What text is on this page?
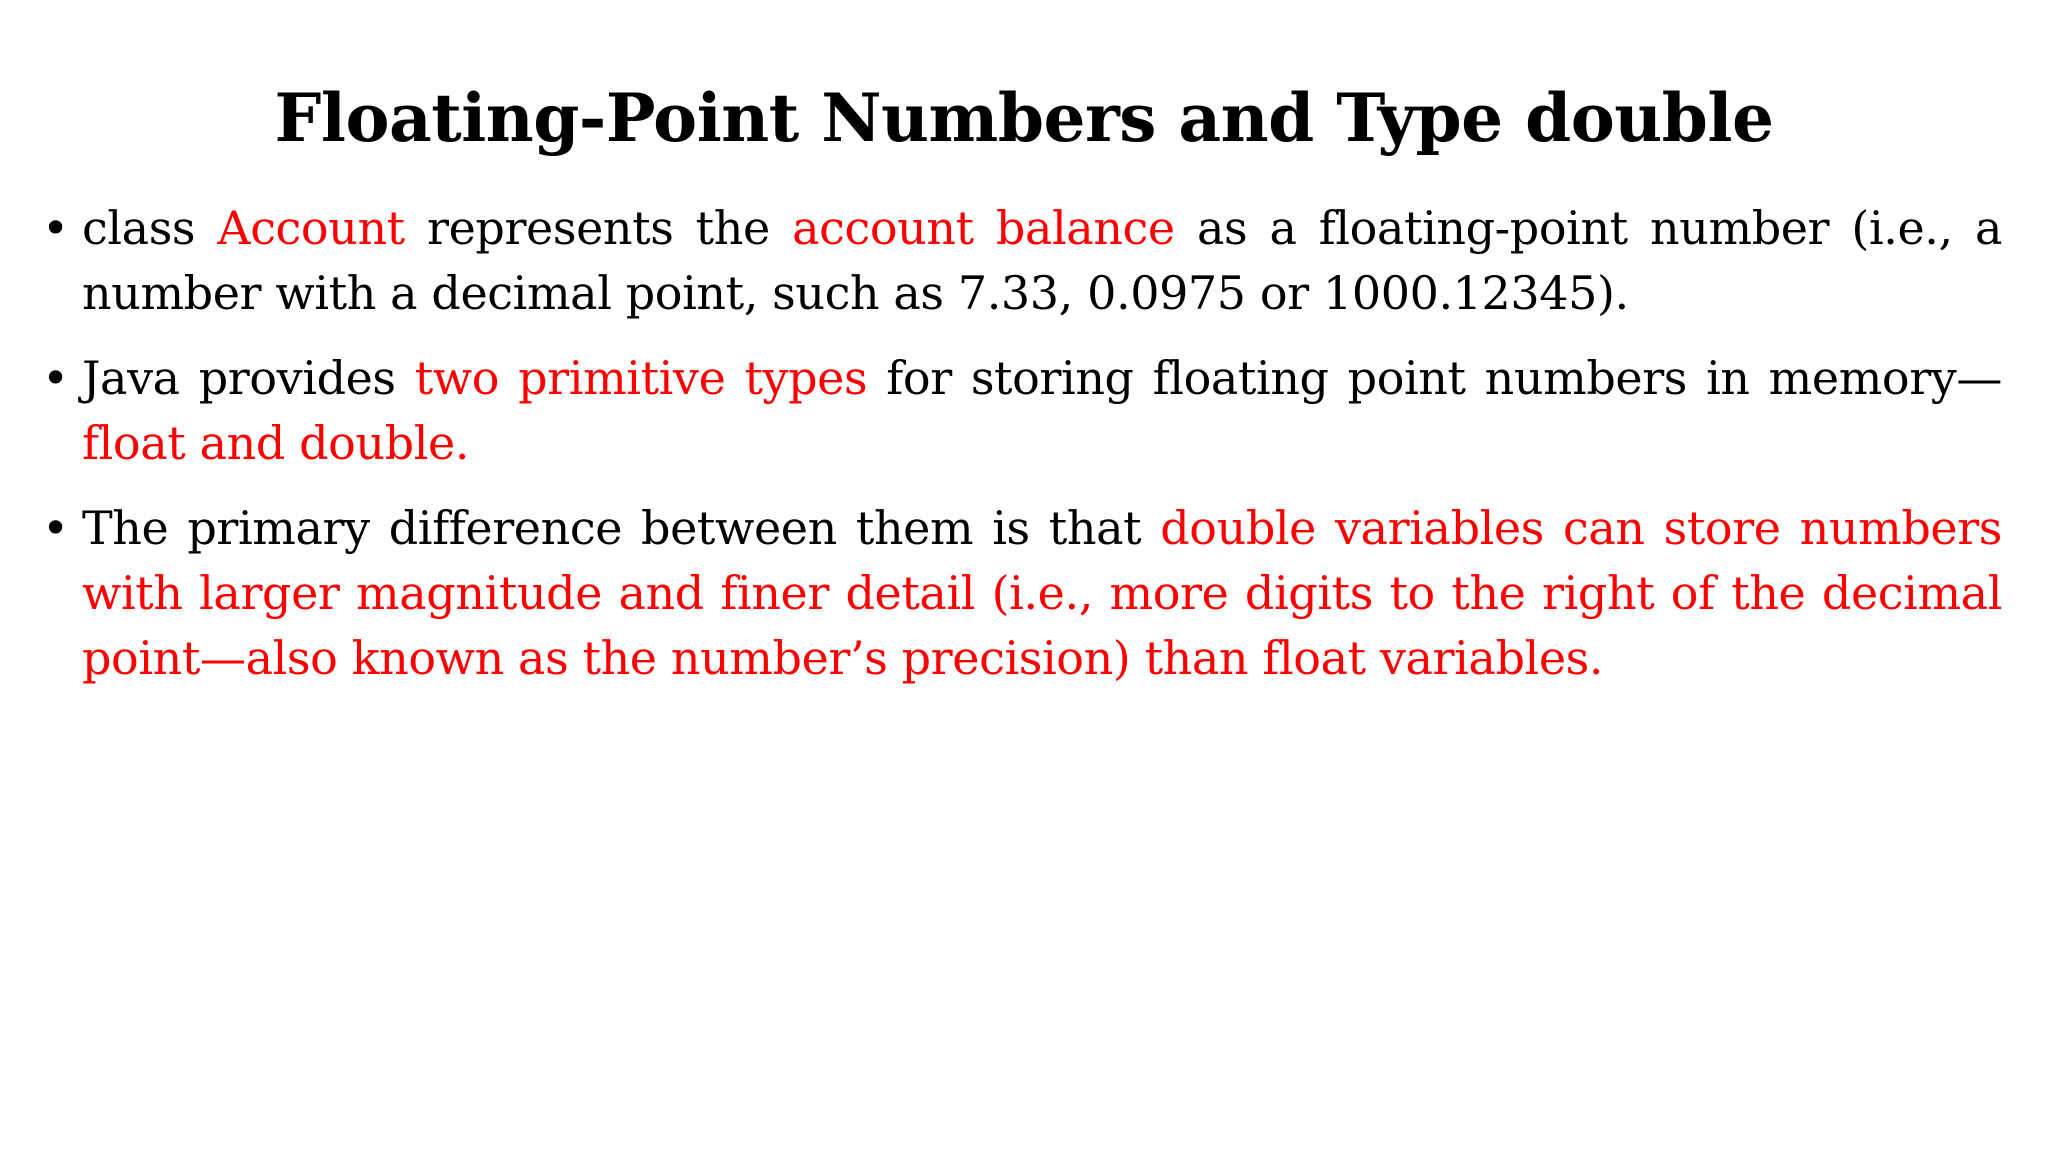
Floating-Point Numbers and Type double
• class Account represents the account balance as a floating-point number (i.e., a number with a decimal point, such as 7.33, 0.0975 or 1000.12345).
• Java provides two primitive types for storing floating point numbers in memory—float and double.
• The primary difference between them is that double variables can store numbers with larger magnitude and finer detail (i.e., more digits to the right of the decimal point—also known as the number’s precision) than float variables.
